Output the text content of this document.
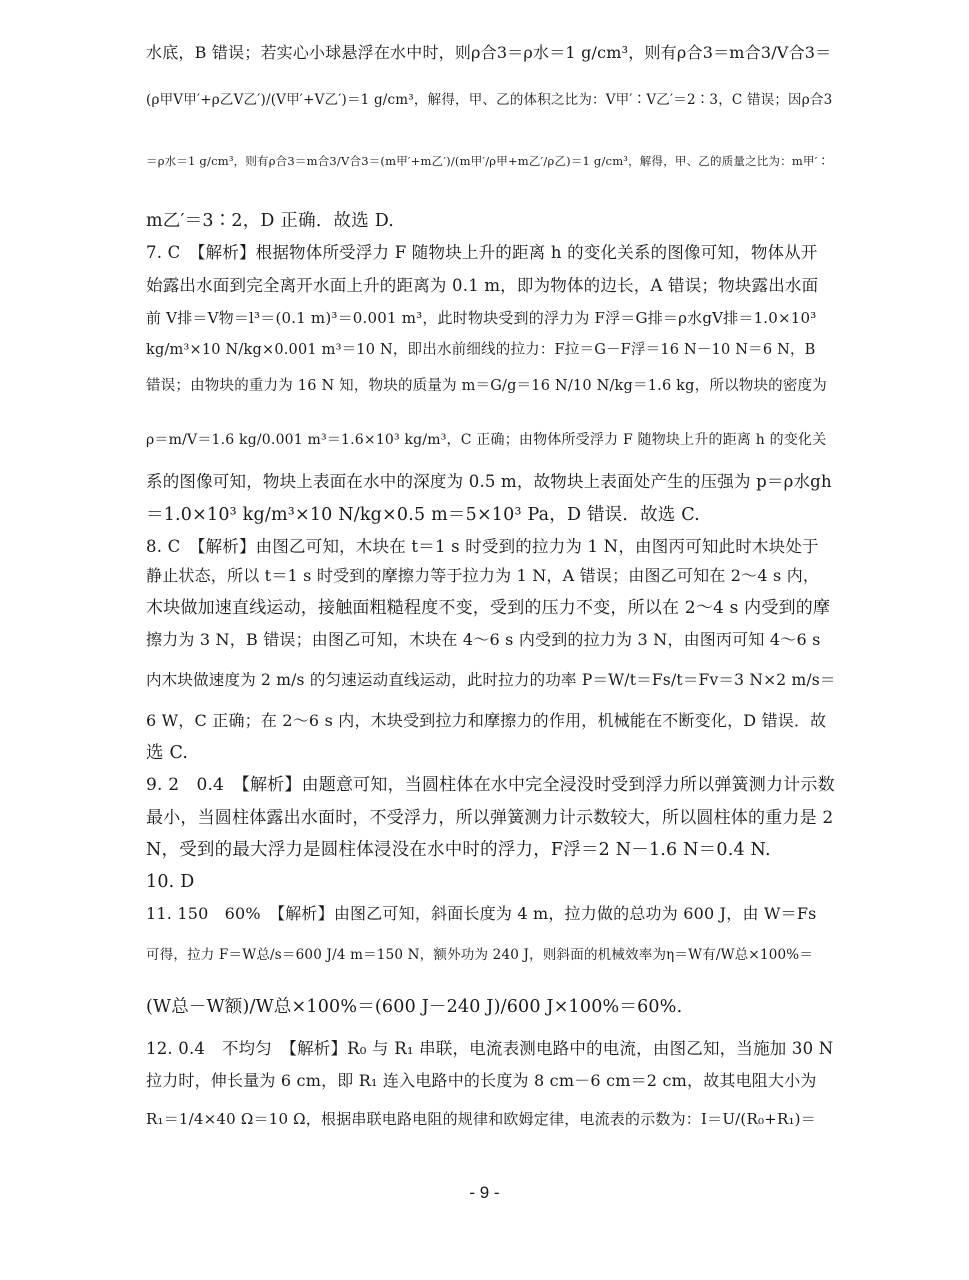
水底，B 错误；若实心小球悬浮在水中时，则ρ合3＝ρ水＝1 g/cm³，则有ρ合3＝m合3/V合3＝
(ρ甲V甲′+ρ乙V乙′)/(V甲′+V乙′)＝1 g/cm³，解得，甲、乙的体积之比为：V甲′∶V乙′＝2∶3，C 错误；因ρ合3
＝ρ水＝1 g/cm³，则有ρ合3＝m合3/V合3＝(m甲′+m乙′)/(m甲′/ρ甲+m乙′/ρ乙)＝1 g/cm³，解得，甲、乙的质量之比为：m甲′∶
m乙′＝3∶2，D 正确．故选 D.
7. C　【解析】根据物体所受浮力 F 随物块上升的距离 h 的变化关系的图像可知，物体从开
始露出水面到完全离开水面上升的距离为 0.1 m，即为物体的边长，A 错误；物块露出水面
前 V排＝V物＝l³＝(0.1 m)³＝0.001 m³，此时物块受到的浮力为 F浮＝G排＝ρ水gV排＝1.0×10³
kg/m³×10 N/kg×0.001 m³＝10 N，即出水前细线的拉力：F拉＝G－F浮＝16 N－10 N＝6 N，B
错误；由物块的重力为 16 N 知，物块的质量为 m＝G/g＝16 N/10 N/kg＝1.6 kg，所以物块的密度为
ρ＝m/V＝1.6 kg/0.001 m³＝1.6×10³ kg/m³，C 正确；由物体所受浮力 F 随物块上升的距离 h 的变化关
系的图像可知，物块上表面在水中的深度为 0.5 m，故物块上表面处产生的压强为 p＝ρ水gh
＝1.0×10³ kg/m³×10 N/kg×0.5 m＝5×10³ Pa，D 错误．故选 C.
8. C　【解析】由图乙可知，木块在 t＝1 s 时受到的拉力为 1 N，由图丙可知此时木块处于
静止状态，所以 t＝1 s 时受到的摩擦力等于拉力为 1 N，A 错误；由图乙可知在 2～4 s 内，
木块做加速直线运动，接触面粗糙程度不变，受到的压力不变，所以在 2～4 s 内受到的摩
擦力为 3 N，B 错误；由图乙可知，木块在 4～6 s 内受到的拉力为 3 N，由图丙可知 4～6 s
内木块做速度为 2 m/s 的匀速运动直线运动，此时拉力的功率 P＝W/t＝Fs/t＝Fv＝3 N×2 m/s＝
6 W，C 正确；在 2～6 s 内，木块受到拉力和摩擦力的作用，机械能在不断变化，D 错误．故
选 C.
9. 2　0.4　【解析】由题意可知，当圆柱体在水中完全浸没时受到浮力所以弹簧测力计示数
最小，当圆柱体露出水面时，不受浮力，所以弹簧测力计示数较大，所以圆柱体的重力是 2
N，受到的最大浮力是圆柱体浸没在水中时的浮力，F浮＝2 N－1.6 N＝0.4 N.
10. D
11. 150　60%　【解析】由图乙可知，斜面长度为 4 m，拉力做的总功为 600 J，由 W＝Fs
可得，拉力 F＝W总/s＝600 J/4 m＝150 N，额外功为 240 J，则斜面的机械效率为η＝W有/W总×100%＝
(W总－W额)/W总×100%＝(600 J－240 J)/600 J×100%＝60%.
12. 0.4　不均匀　【解析】R₀ 与 R₁ 串联，电流表测电路中的电流，由图乙知，当施加 30 N
拉力时，伸长量为 6 cm，即 R₁ 连入电路中的长度为 8 cm－6 cm＝2 cm，故其电阻大小为
R₁＝1/4×40 Ω＝10 Ω，根据串联电路电阻的规律和欧姆定律，电流表的示数为：I＝U/(R₀+R₁)＝
- 9 -
